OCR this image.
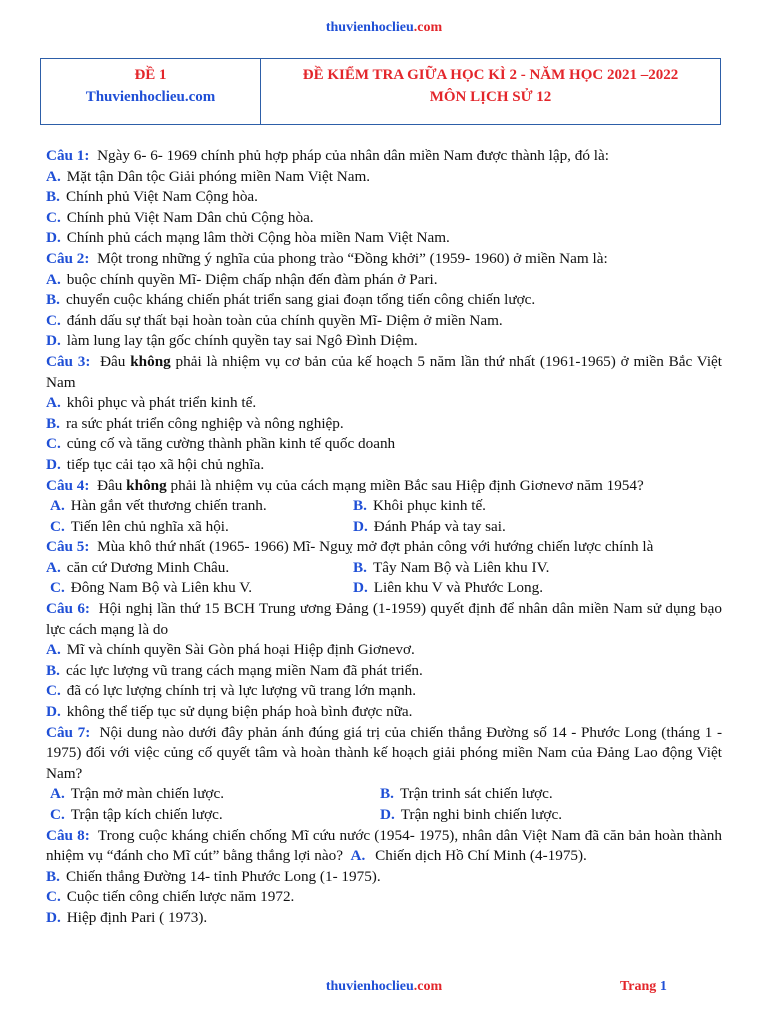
thuvienhoclieu.com
ĐỀ 1
Thuvienhoclieu.com
ĐỀ KIỂM TRA GIỮA HỌC KÌ 2 - NĂM HỌC 2021 –2022
MÔN LỊCH SỬ 12

Câu 1: Ngày 6- 6- 1969 chính phủ hợp pháp của nhân dân miền Nam được thành lập, đó là:

A. Mặt tận Dân tộc Giải phóng miền Nam Việt Nam.

B. Chính phủ Việt Nam Cộng hòa.

C. Chính phủ Việt Nam Dân chủ Cộng hòa.

D. Chính phủ cách mạng lâm thời Cộng hòa miền Nam Việt Nam.

Câu 2: Một trong những ý nghĩa của phong trào “Đồng khởi” (1959- 1960) ở miền Nam là:

A. buộc chính quyền Mĩ- Diệm chấp nhận đến đàm phán ở Pari.

B. chuyển cuộc kháng chiến phát triển sang giai đoạn tổng tiến công chiến lược.

C. đánh dấu sự thất bại hoàn toàn của chính quyền Mĩ- Diệm ở miền Nam.

D. làm lung lay tận gốc chính quyền tay sai Ngô Đình Diệm.

Câu 3: Đâu không phải là nhiệm vụ cơ bản của kế hoạch 5 năm lần thứ nhất (1961-1965) ở miền Bắc Việt Nam

A. khôi phục và phát triển kinh tế.

B. ra sức phát triển công nghiệp và nông nghiệp.

C. củng cố và tăng cường thành phần kinh tế quốc doanh

D. tiếp tục cải tạo xã hội chủ nghĩa.

Câu 4: Đâu không phải là nhiệm vụ của cách mạng miền Bắc sau Hiệp định Giơnevơ năm 1954?

A. Hàn gắn vết thương chiến tranh.	B. Khôi phục kinh tế.
C. Tiến lên chủ nghĩa xã hội.	D. Đánh Pháp và tay sai.

Câu 5: Mùa khô thứ nhất (1965- 1966) Mĩ- Nguỵ mở đợt phản công với hướng chiến lược chính là

A. căn cứ Dương Minh Châu.	B. Tây Nam Bộ và Liên khu IV.
C. Đông Nam Bộ và Liên khu V.	D. Liên khu V và Phước Long.

Câu 6: Hội nghị lần thứ 15 BCH Trung ương Đảng (1-1959) quyết định để nhân dân miền Nam sử dụng bạo lực cách mạng là do

A. Mĩ và chính quyền Sài Gòn phá hoại Hiệp định Giơnevơ.

B. các lực lượng vũ trang cách mạng miền Nam đã phát triển.

C. đã có lực lượng chính trị và lực lượng vũ trang lớn mạnh.

D. không thể tiếp tục sử dụng biện pháp hoà bình được nữa.

Câu 7: Nội dung nào dưới đây phản ánh đúng giá trị của chiến thắng Đường số 14 - Phước Long (tháng 1 - 1975) đối với việc củng cố quyết tâm và hoàn thành kế hoạch giải phóng miền Nam của Đảng Lao động Việt Nam?

A. Trận mở màn chiến lược.	B. Trận trinh sát chiến lược.
C. Trận tập kích chiến lược.	D. Trận nghi binh chiến lược.

Câu 8: Trong cuộc kháng chiến chống Mĩ cứu nước (1954- 1975), nhân dân Việt Nam đã căn bản hoàn thành nhiệm vụ “đánh cho Mĩ cút” bằng thắng lợi nào? A. Chiến dịch Hồ Chí Minh (4-1975).

B. Chiến thắng Đường 14- tỉnh Phước Long (1- 1975).

C. Cuộc tiến công chiến lược năm 1972.

D. Hiệp định Pari ( 1973).

thuvienhoclieu.com	Trang 1
